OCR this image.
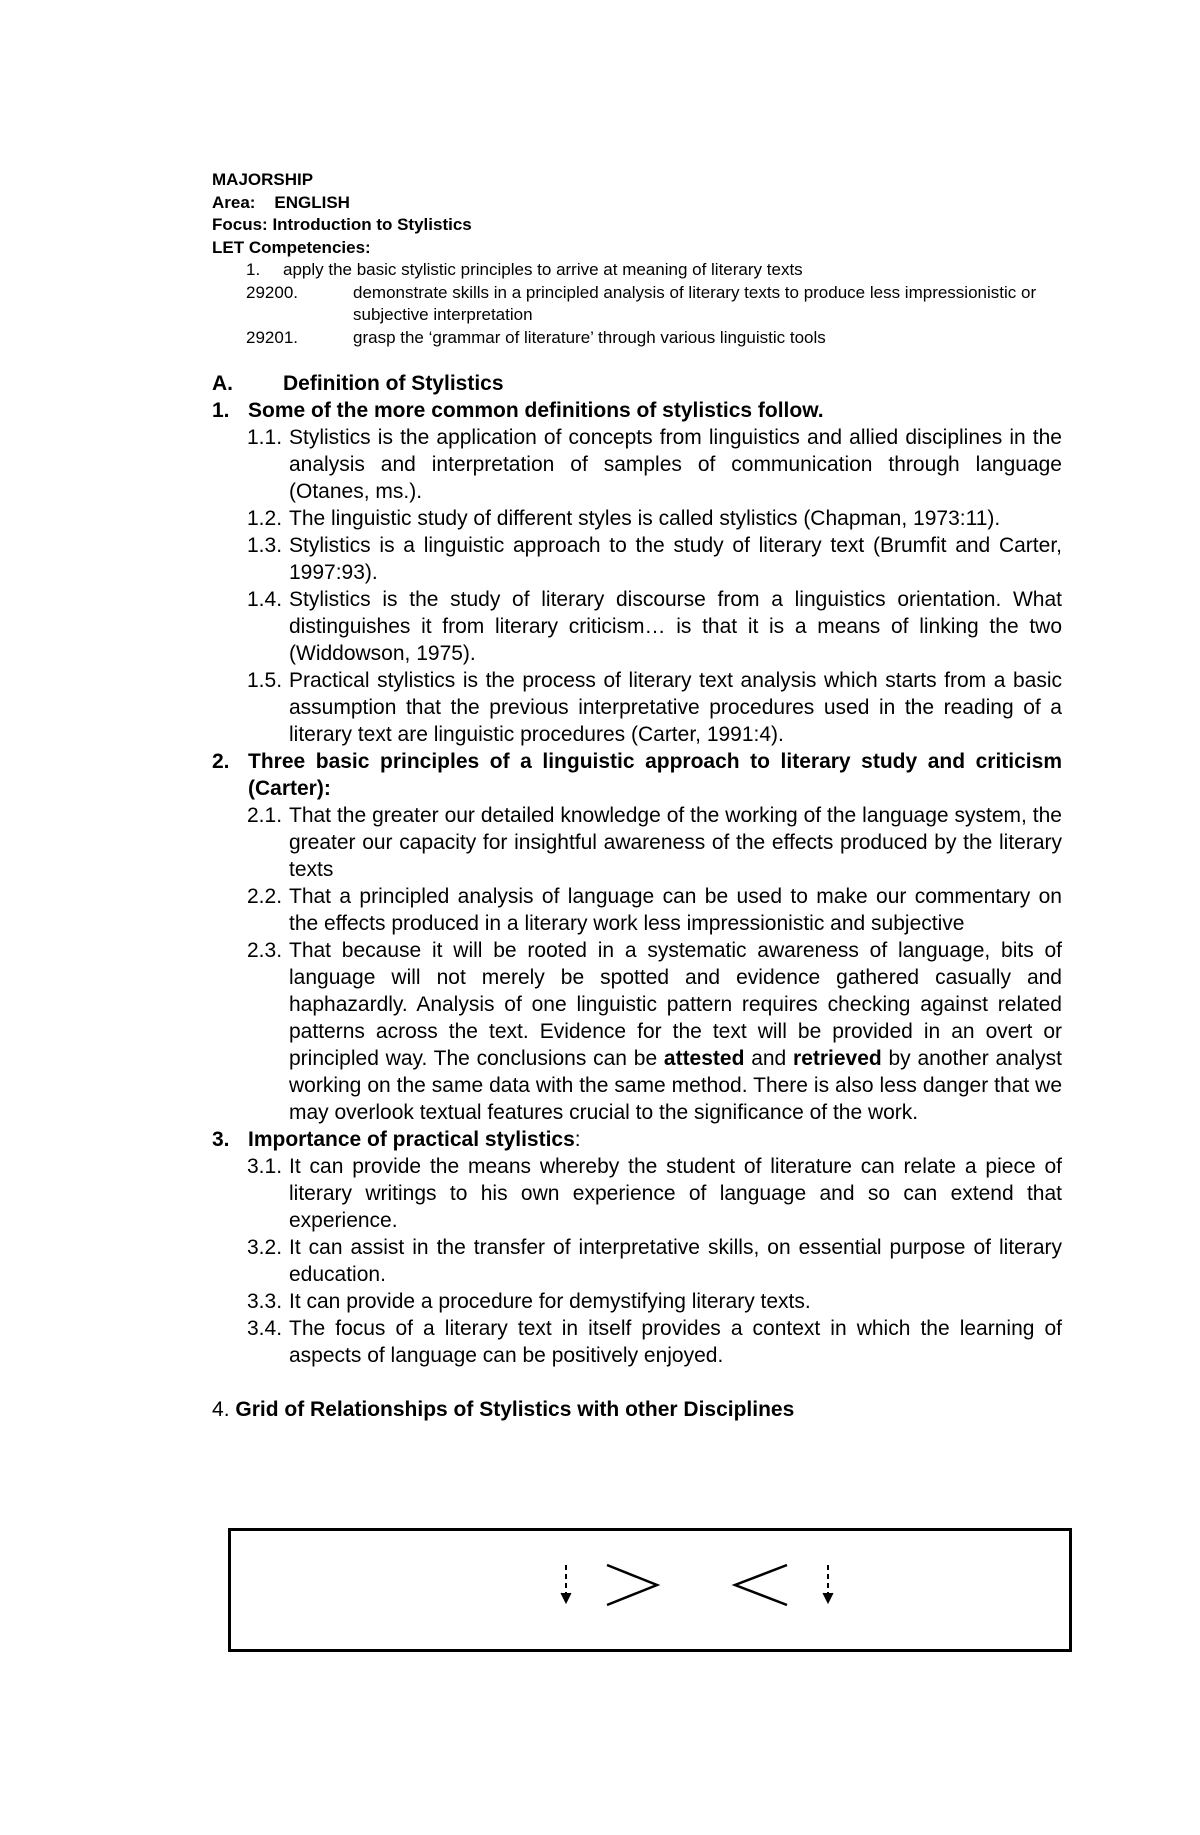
MAJORSHIP
Area: ENGLISH
Focus: Introduction to Stylistics
LET Competencies:
1. apply the basic stylistic principles to arrive at meaning of literary texts
29200.	demonstrate skills in a principled analysis of literary texts to produce less impressionistic or subjective interpretation
29201.	grasp the ‘grammar of literature’ through various linguistic tools
A.	Definition of Stylistics
1. Some of the more common definitions of stylistics follow.
1.1. Stylistics is the application of concepts from linguistics and allied disciplines in the analysis and interpretation of samples of communication through language (Otanes, ms.).
1.2. The linguistic study of different styles is called stylistics (Chapman, 1973:11).
1.3. Stylistics is a linguistic approach to the study of literary text (Brumfit and Carter, 1997:93).
1.4. Stylistics is the study of literary discourse from a linguistics orientation. What distinguishes it from literary criticism… is that it is a means of linking the two (Widdowson, 1975).
1.5. Practical stylistics is the process of literary text analysis which starts from a basic assumption that the previous interpretative procedures used in the reading of a literary text are linguistic procedures (Carter, 1991:4).
2. Three basic principles of a linguistic approach to literary study and criticism (Carter):
2.1. That the greater our detailed knowledge of the working of the language system, the greater our capacity for insightful awareness of the effects produced by the literary texts
2.2. That a principled analysis of language can be used to make our commentary on the effects produced in a literary work less impressionistic and subjective
2.3. That because it will be rooted in a systematic awareness of language, bits of language will not merely be spotted and evidence gathered casually and haphazardly. Analysis of one linguistic pattern requires checking against related patterns across the text. Evidence for the text will be provided in an overt or principled way. The conclusions can be attested and retrieved by another analyst working on the same data with the same method. There is also less danger that we may overlook textual features crucial to the significance of the work.
3. Importance of practical stylistics:
3.1. It can provide the means whereby the student of literature can relate a piece of literary writings to his own experience of language and so can extend that experience.
3.2. It can assist in the transfer of interpretative skills, on essential purpose of literary education.
3.3. It can provide a procedure for demystifying literary texts.
3.4. The focus of a literary text in itself provides a context in which the learning of aspects of language can be positively enjoyed.
4. Grid of Relationships of Stylistics with other Disciplines
